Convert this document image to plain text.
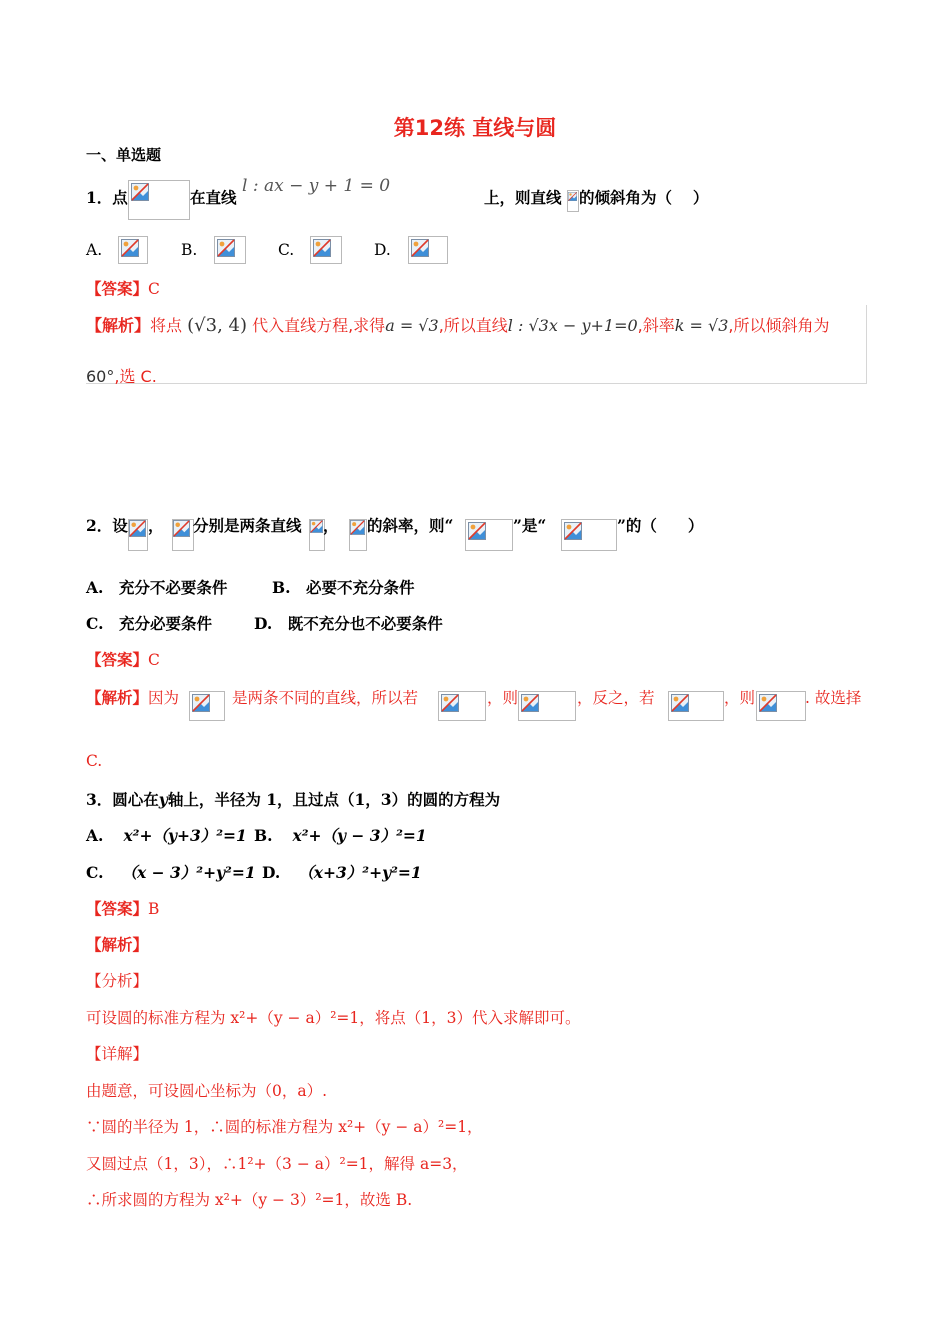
第12练 直线与圆
一、单选题
1．点	在直线
l : ax − y + 1 = 0
上，则直线 的倾斜角为（　 ）
A.	B.	C.	D.
【答案】C
【解析】将点 (√3, 4) 代入直线方程,求得a = √3,所以直线l : √3x − y+1=0,斜率k = √3,所以倾斜角为
60°,选 C.
2．设 ， 分别是两条直线 ， 的斜率，则“	”是“	”的（　　）
A.　充分不必要条件	B.　必要不充分条件
C.　充分必要条件	D.　既不充分也不必要条件
【答案】C
【解析】因为	是两条不同的直线，所以若	，则	，反之，若	，则	. 故选择
C.
3．圆心在y轴上，半径为 1，且过点（1，3）的圆的方程为
A. x²+（y+3）²=1 B. x²+（y − 3）²=1
C. （x − 3）²+y²=1 D. （x+3）²+y²=1
【答案】B
【解析】
【分析】
可设圆的标准方程为 x²+（y − a）²=1，将点（1，3）代入求解即可。
【详解】
由题意，可设圆心坐标为（0，a）.
∵圆的半径为 1，∴圆的标准方程为 x²+（y − a）²=1，
又圆过点（1，3），∴1²+（3 − a）²=1，解得 a=3，
∴所求圆的方程为 x²+（y − 3）²=1，故选 B.
